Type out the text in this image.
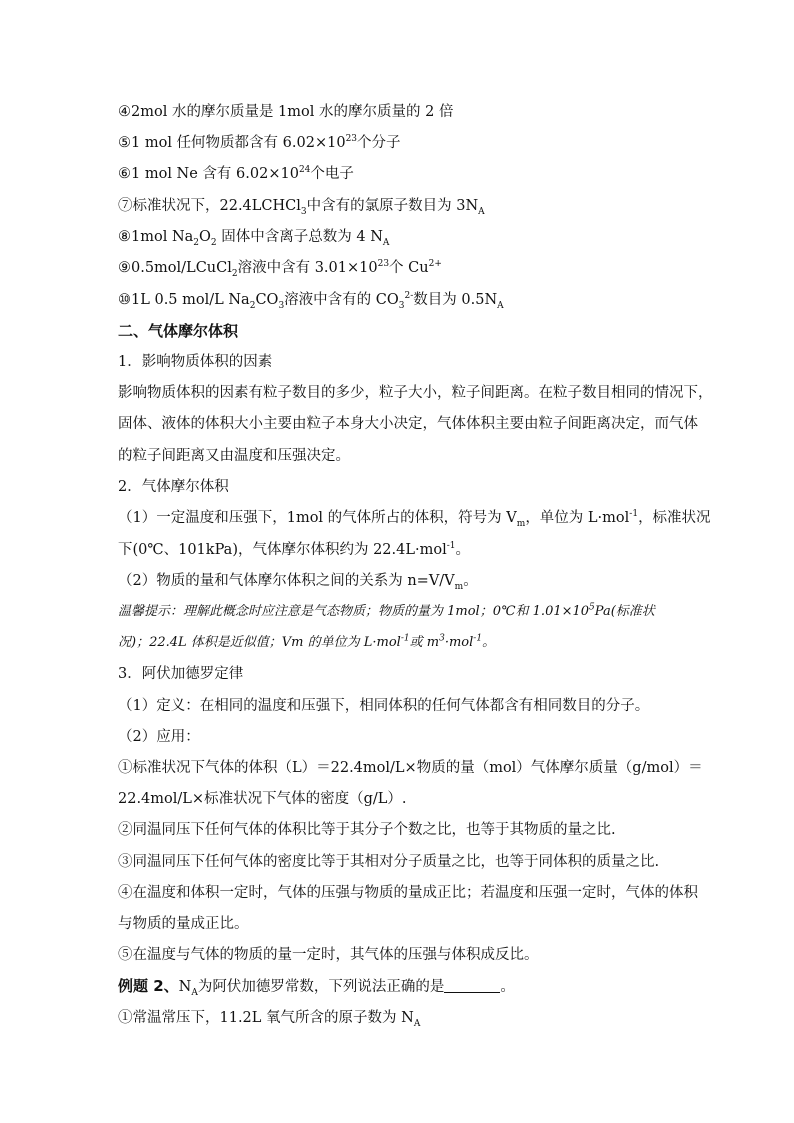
④2mol 水的摩尔质量是 1mol 水的摩尔质量的 2 倍
⑤1 mol 任何物质都含有 $6.02\times 10^{23}$个分子
⑥1 mol Ne 含有 $6.02\times 10^{24}$个电子
⑦标准状况下，22.4LCHCl$_3$中含有的氯原子数目为 $3N_A$
⑧1mol $Na_2O_2$ 固体中含离子总数为 4 $N_A$
⑨0.5mol/LCuCl$_2$溶液中含有 $3.01\times 10^{23}$个 $Cu^{2+}$
⑩1L 0.5 mol/L $Na_2CO_3$溶液中含有的 $CO_3^{2-}$数目为 $0.5N_A$
二、气体摩尔体积
1．影响物质体积的因素
影响物质体积的因素有粒子数目的多少，粒子大小，粒子间距离。在粒子数目相同的情况下，
固体、液体的体积大小主要由粒子本身大小决定，气体体积主要由粒子间距离决定，而气体
的粒子间距离又由温度和压强决定。
2．气体摩尔体积
（1）一定温度和压强下，1mol 的气体所占的体积，符号为 $V_m$，单位为 L·mol$^{-1}$，标准状况
下(0℃、101kPa)，气体摩尔体积约为 22.4L·mol$^{-1}$。
（2）物质的量和气体摩尔体积之间的关系为 $n=V/V_m$。
温馨提示：理解此概念时应注意是气态物质；物质的量为 1mol；0℃和 $1.01\times 10^5Pa$(标准状
况)；22.4L 体积是近似值；Vm 的单位为 L·mol$^{-1}$或 $m^3\cdot mol^{-1}$。
3．阿伏加德罗定律
（1）定义：在相同的温度和压强下，相同体积的任何气体都含有相同数目的分子。
（2）应用：
①标准状况下气体的体积（L）＝22.4mol/L×物质的量（mol）气体摩尔质量（g/mol）＝
22.4mol/L×标准状况下气体的密度（g/L）.
②同温同压下任何气体的体积比等于其分子个数之比，也等于其物质的量之比.
③同温同压下任何气体的密度比等于其相对分子质量之比，也等于同体积的质量之比.
④在温度和体积一定时，气体的压强与物质的量成正比；若温度和压强一定时，气体的体积
与物质的量成正比。
⑤在温度与气体的物质的量一定时，其气体的压强与体积成反比。
例题 2、$N_A$为阿伏加德罗常数，下列说法正确的是	。
①常温常压下，11.2L 氧气所含的原子数为 $N_A$
